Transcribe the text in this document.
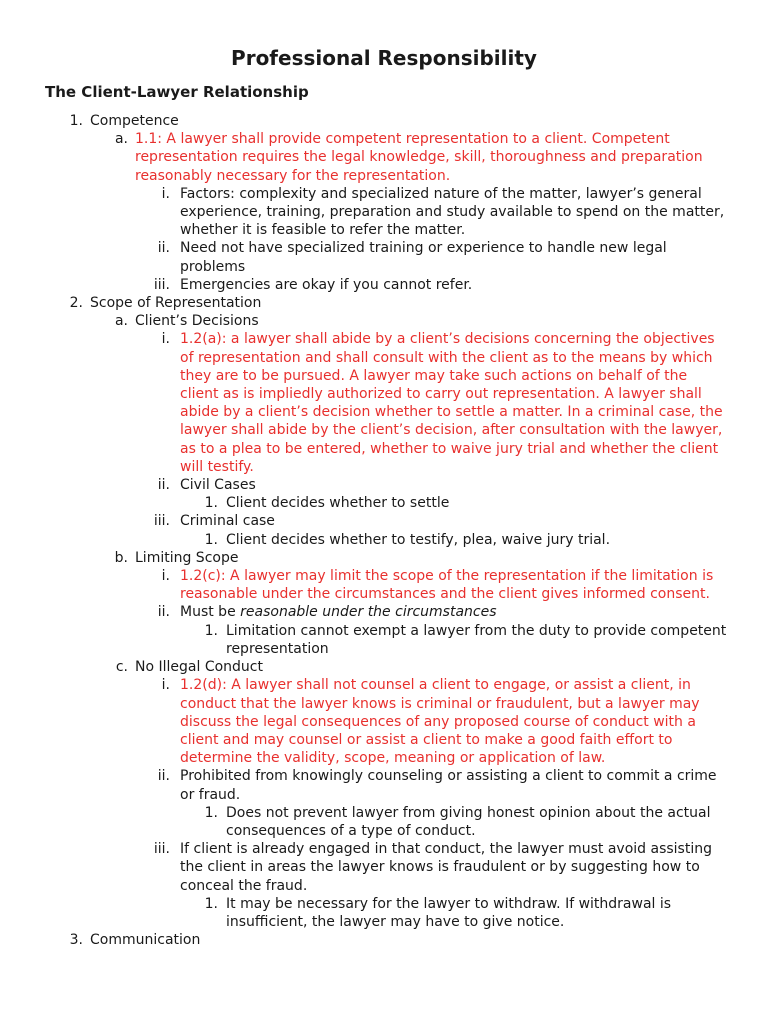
Professional Responsibility
The Client-Lawyer Relationship
1. Competence
a. 1.1: A lawyer shall provide competent representation to a client. Competent representation requires the legal knowledge, skill, thoroughness and preparation reasonably necessary for the representation.
i. Factors: complexity and specialized nature of the matter, lawyer’s general experience, training, preparation and study available to spend on the matter, whether it is feasible to refer the matter.
ii. Need not have specialized training or experience to handle new legal problems
iii. Emergencies are okay if you cannot refer.
2. Scope of Representation
a. Client’s Decisions
i. 1.2(a): a lawyer shall abide by a client’s decisions concerning the objectives of representation and shall consult with the client as to the means by which they are to be pursued. A lawyer may take such actions on behalf of the client as is impliedly authorized to carry out representation. A lawyer shall abide by a client’s decision whether to settle a matter. In a criminal case, the lawyer shall abide by the client’s decision, after consultation with the lawyer, as to a plea to be entered, whether to waive jury trial and whether the client will testify.
ii. Civil Cases
1. Client decides whether to settle
iii. Criminal case
1. Client decides whether to testify, plea, waive jury trial.
b. Limiting Scope
i. 1.2(c): A lawyer may limit the scope of the representation if the limitation is reasonable under the circumstances and the client gives informed consent.
ii. Must be reasonable under the circumstances
1. Limitation cannot exempt a lawyer from the duty to provide competent representation
c. No Illegal Conduct
i. 1.2(d): A lawyer shall not counsel a client to engage, or assist a client, in conduct that the lawyer knows is criminal or fraudulent, but a lawyer may discuss the legal consequences of any proposed course of conduct with a client and may counsel or assist a client to make a good faith effort to determine the validity, scope, meaning or application of law.
ii. Prohibited from knowingly counseling or assisting a client to commit a crime or fraud.
1. Does not prevent lawyer from giving honest opinion about the actual consequences of a type of conduct.
iii. If client is already engaged in that conduct, the lawyer must avoid assisting the client in areas the lawyer knows is fraudulent or by suggesting how to conceal the fraud.
1. It may be necessary for the lawyer to withdraw. If withdrawal is insufficient, the lawyer may have to give notice.
3. Communication
